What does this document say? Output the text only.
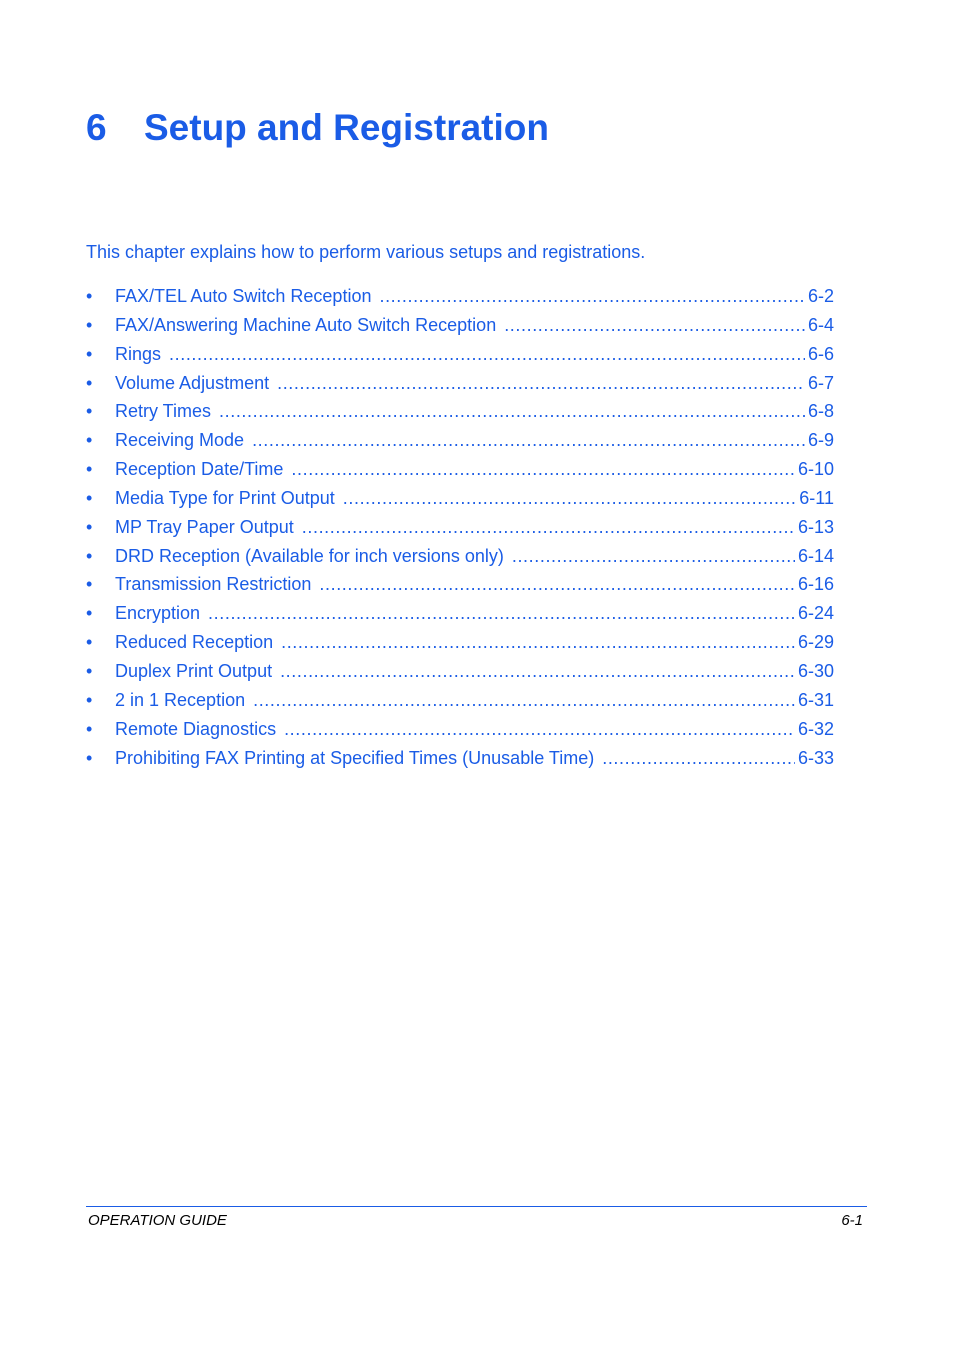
6 Setup and Registration

This chapter explains how to perform various setups and registrations.

•	FAX/TEL Auto Switch Reception .....	6-2
•	FAX/Answering Machine Auto Switch Reception .....	6-4
•	Rings .....	6-6
•	Volume Adjustment .....	6-7
•	Retry Times .....	6-8
•	Receiving Mode .....	6-9
•	Reception Date/Time .....	6-10
•	Media Type for Print Output .....	6-11
•	MP Tray Paper Output .....	6-13
•	DRD Reception (Available for inch versions only) .....	6-14
•	Transmission Restriction .....	6-16
•	Encryption .....	6-24
•	Reduced Reception .....	6-29
•	Duplex Print Output .....	6-30
•	2 in 1 Reception .....	6-31
•	Remote Diagnostics .....	6-32
•	Prohibiting FAX Printing at Specified Times (Unusable Time) .....	6-33
OPERATION GUIDE	6-1
